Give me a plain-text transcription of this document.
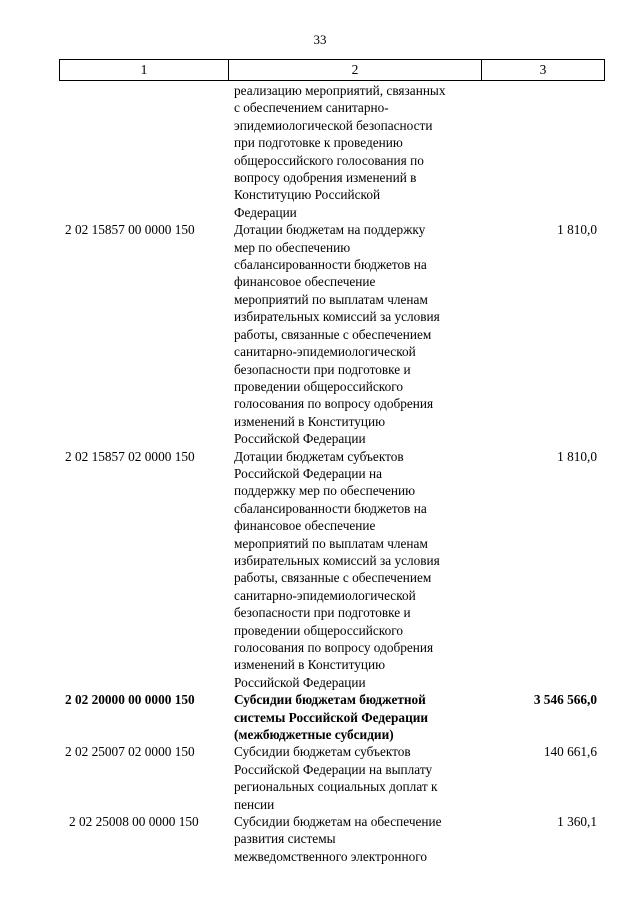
33
1	2	3
реализацию мероприятий, связанных
с обеспечением санитарно-
эпидемиологической безопасности
при подготовке к проведению
общероссийского голосования по
вопросу одобрения изменений в
Конституцию Российской
Федерации
2 02 15857 00 0000 150	Дотации бюджетам на поддержку
мер по обеспечению
сбалансированности бюджетов на
финансовое обеспечение
мероприятий по выплатам членам
избирательных комиссий за условия
работы, связанные с обеспечением
санитарно-эпидемиологической
безопасности при подготовке и
проведении общероссийского
голосования по вопросу одобрения
изменений в Конституцию
Российской Федерации
1 810,0
2 02 15857 02 0000 150	Дотации бюджетам субъектов
Российской Федерации на
поддержку мер по обеспечению
сбалансированности бюджетов на
финансовое обеспечение
мероприятий по выплатам членам
избирательных комиссий за условия
работы, связанные с обеспечением
санитарно-эпидемиологической
безопасности при подготовке и
проведении общероссийского
голосования по вопросу одобрения
изменений в Конституцию
Российской Федерации
1 810,0
2 02 20000 00 0000 150	Субсидии бюджетам бюджетной
системы Российской Федерации
(межбюджетные субсидии)
3 546 566,0
2 02 25007 02 0000 150	Субсидии бюджетам субъектов
Российской Федерации на выплату
региональных социальных доплат к
пенсии
140 661,6
2 02 25008 00 0000 150	Субсидии бюджетам на обеспечение
развития системы
межведомственного электронного
1 360,1
